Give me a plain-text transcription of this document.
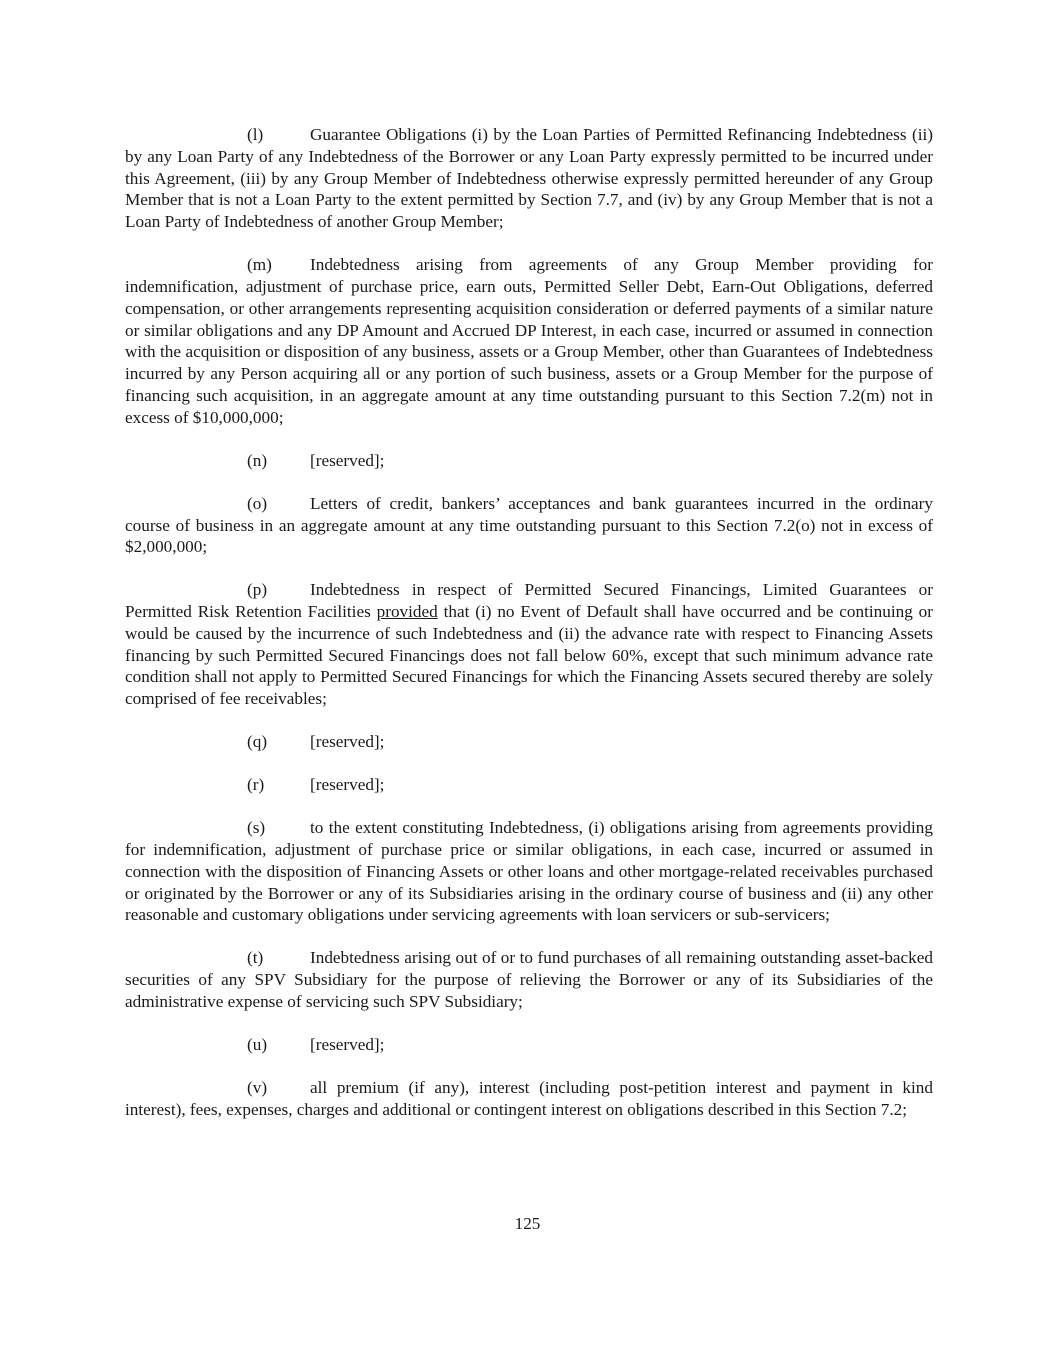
(l)	Guarantee Obligations (i) by the Loan Parties of Permitted Refinancing Indebtedness (ii) by any Loan Party of any Indebtedness of the Borrower or any Loan Party expressly permitted to be incurred under this Agreement, (iii) by any Group Member of Indebtedness otherwise expressly permitted hereunder of any Group Member that is not a Loan Party to the extent permitted by Section 7.7, and (iv) by any Group Member that is not a Loan Party of Indebtedness of another Group Member;

(m) Indebtedness arising from agreements of any Group Member providing for indemnification, adjustment of purchase price, earn outs, Permitted Seller Debt, Earn-Out Obligations, deferred compensation, or other arrangements representing acquisition consideration or deferred payments of a similar nature or similar obligations and any DP Amount and Accrued DP Interest, in each case, incurred or assumed in connection with the acquisition or disposition of any business, assets or a Group Member, other than Guarantees of Indebtedness incurred by any Person acquiring all or any portion of such business, assets or a Group Member for the purpose of financing such acquisition, in an aggregate amount at any time outstanding pursuant to this Section 7.2(m) not in excess of $10,000,000;

(n) [reserved];

(o) Letters of credit, bankers’ acceptances and bank guarantees incurred in the ordinary course of business in an aggregate amount at any time outstanding pursuant to this Section 7.2(o) not in excess of $2,000,000;

(p) Indebtedness in respect of Permitted Secured Financings, Limited Guarantees or Permitted Risk Retention Facilities provided that (i) no Event of Default shall have occurred and be continuing or would be caused by the incurrence of such Indebtedness and (ii) the advance rate with respect to Financing Assets financing by such Permitted Secured Financings does not fall below 60%, except that such minimum advance rate condition shall not apply to Permitted Secured Financings for which the Financing Assets secured thereby are solely comprised of fee receivables;

(q) [reserved];

(r)	[reserved];

(s)	to the extent constituting Indebtedness, (i) obligations arising from agreements providing for indemnification, adjustment of purchase price or similar obligations, in each case, incurred or assumed in connection with the disposition of Financing Assets or other loans and other mortgage-related receivables purchased or originated by the Borrower or any of its Subsidiaries arising in the ordinary course of business and (ii) any other reasonable and customary obligations under servicing agreements with loan servicers or sub-servicers;

(t)	Indebtedness arising out of or to fund purchases of all remaining outstanding asset-backed securities of any SPV Subsidiary for the purpose of relieving the Borrower or any of its Subsidiaries of the administrative expense of servicing such SPV Subsidiary;

(u) [reserved];

(v) all premium (if any), interest (including post-petition interest and payment in kind interest), fees, expenses, charges and additional or contingent interest on obligations described in this Section 7.2;

125
